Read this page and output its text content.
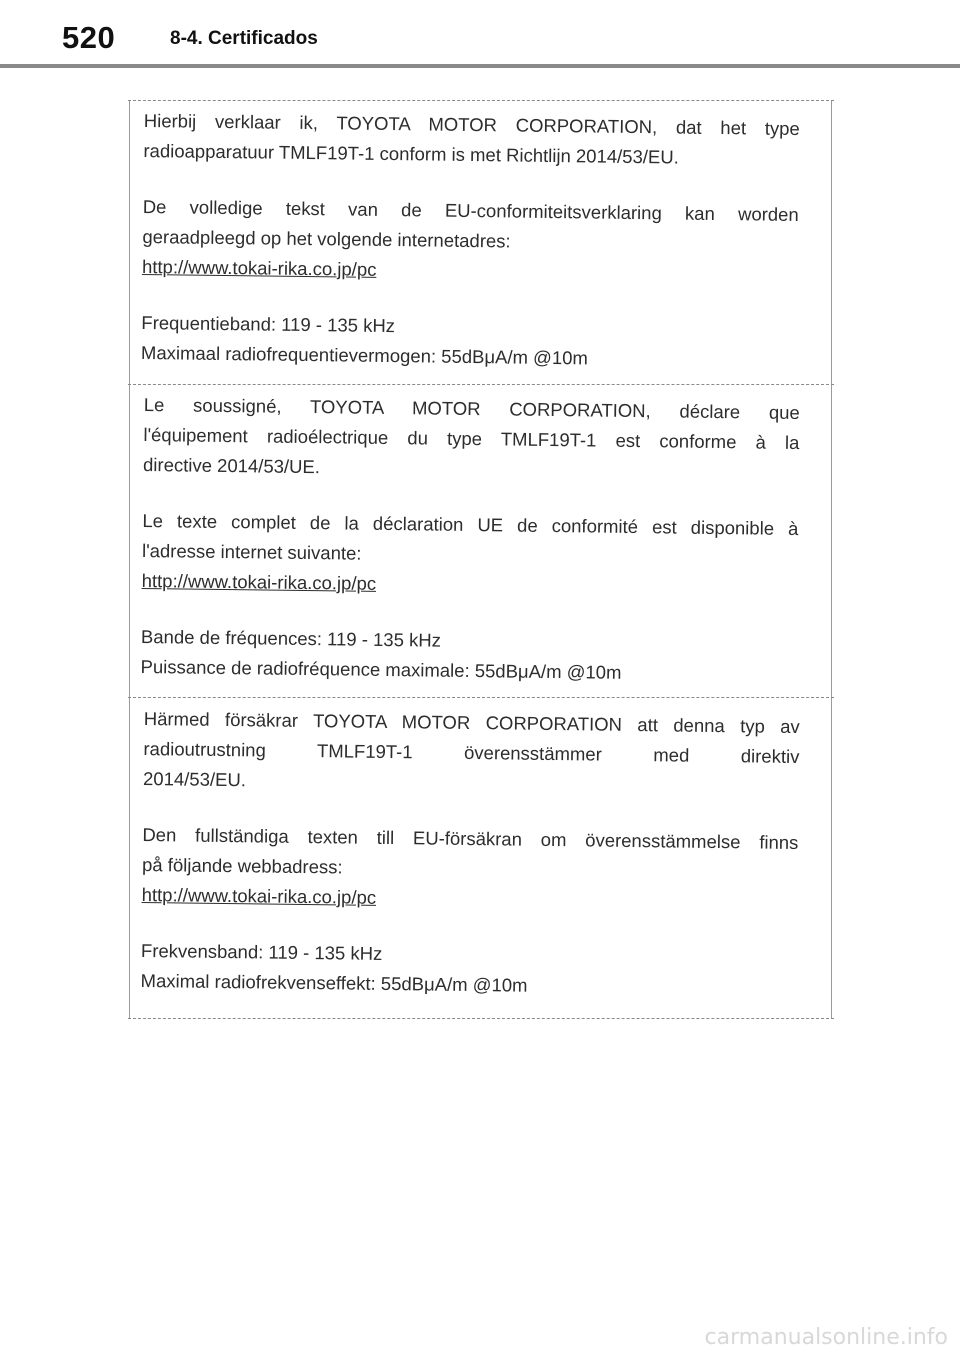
520	8-4. Certificados

Hierbij verklaar ik, TOYOTA MOTOR CORPORATION, dat het type
radioapparatuur TMLF19T-1 conform is met Richtlijn 2014/53/EU.

De volledige tekst van de EU-conformiteitsverklaring kan worden
geraadpleegd op het volgende internetadres:
http://www.tokai-rika.co.jp/pc

Frequentieband: 119 - 135 kHz
Maximaal radiofrequentievermogen: 55dBμA/m @10m

Le soussigné, TOYOTA MOTOR CORPORATION, déclare que
l'équipement radioélectrique du type TMLF19T-1 est conforme à la
directive 2014/53/UE.

Le texte complet de la déclaration UE de conformité est disponible à
l'adresse internet suivante:
http://www.tokai-rika.co.jp/pc

Bande de fréquences: 119 - 135 kHz
Puissance de radiofréquence maximale: 55dBμA/m @10m

Härmed försäkrar TOYOTA MOTOR CORPORATION att denna typ av
radioutrustning TMLF19T-1 överensstämmer med direktiv
2014/53/EU.

Den fullständiga texten till EU-försäkran om överensstämmelse finns
på följande webbadress:
http://www.tokai-rika.co.jp/pc

Frekvensband: 119 - 135 kHz
Maximal radiofrekvenseffekt: 55dBμA/m @10m

carmanualsonline.info
